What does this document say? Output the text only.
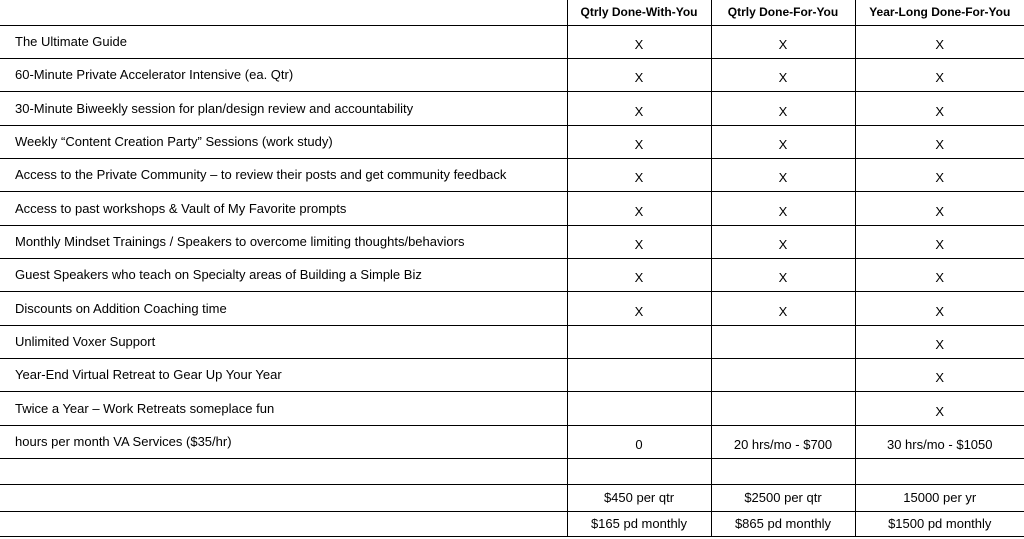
	Qtrly Done-With-You	Qtrly Done-For-You	Year-Long Done-For-You
The Ultimate Guide	X	X	X
60-Minute Private Accelerator Intensive (ea. Qtr)	X	X	X
30-Minute Biweekly session for plan/design review and accountability	X	X	X
Weekly “Content Creation Party” Sessions (work study)	X	X	X
Access to the Private Community – to review their posts and get community feedback	X	X	X
Access to past workshops & Vault of My Favorite prompts	X	X	X
Monthly Mindset Trainings / Speakers to overcome limiting thoughts/behaviors	X	X	X
Guest Speakers who teach on Specialty areas of Building a Simple Biz	X	X	X
Discounts on Addition Coaching time	X	X	X
Unlimited Voxer Support			X
Year-End Virtual Retreat to Gear Up Your Year			X
Twice a Year – Work Retreats someplace fun			X
hours per month VA Services ($35/hr)	0	20 hrs/mo - $700	30 hrs/mo - $1050

	$450 per qtr	$2500 per qtr	15000 per yr
	$165 pd monthly	$865 pd monthly	$1500 pd monthly
